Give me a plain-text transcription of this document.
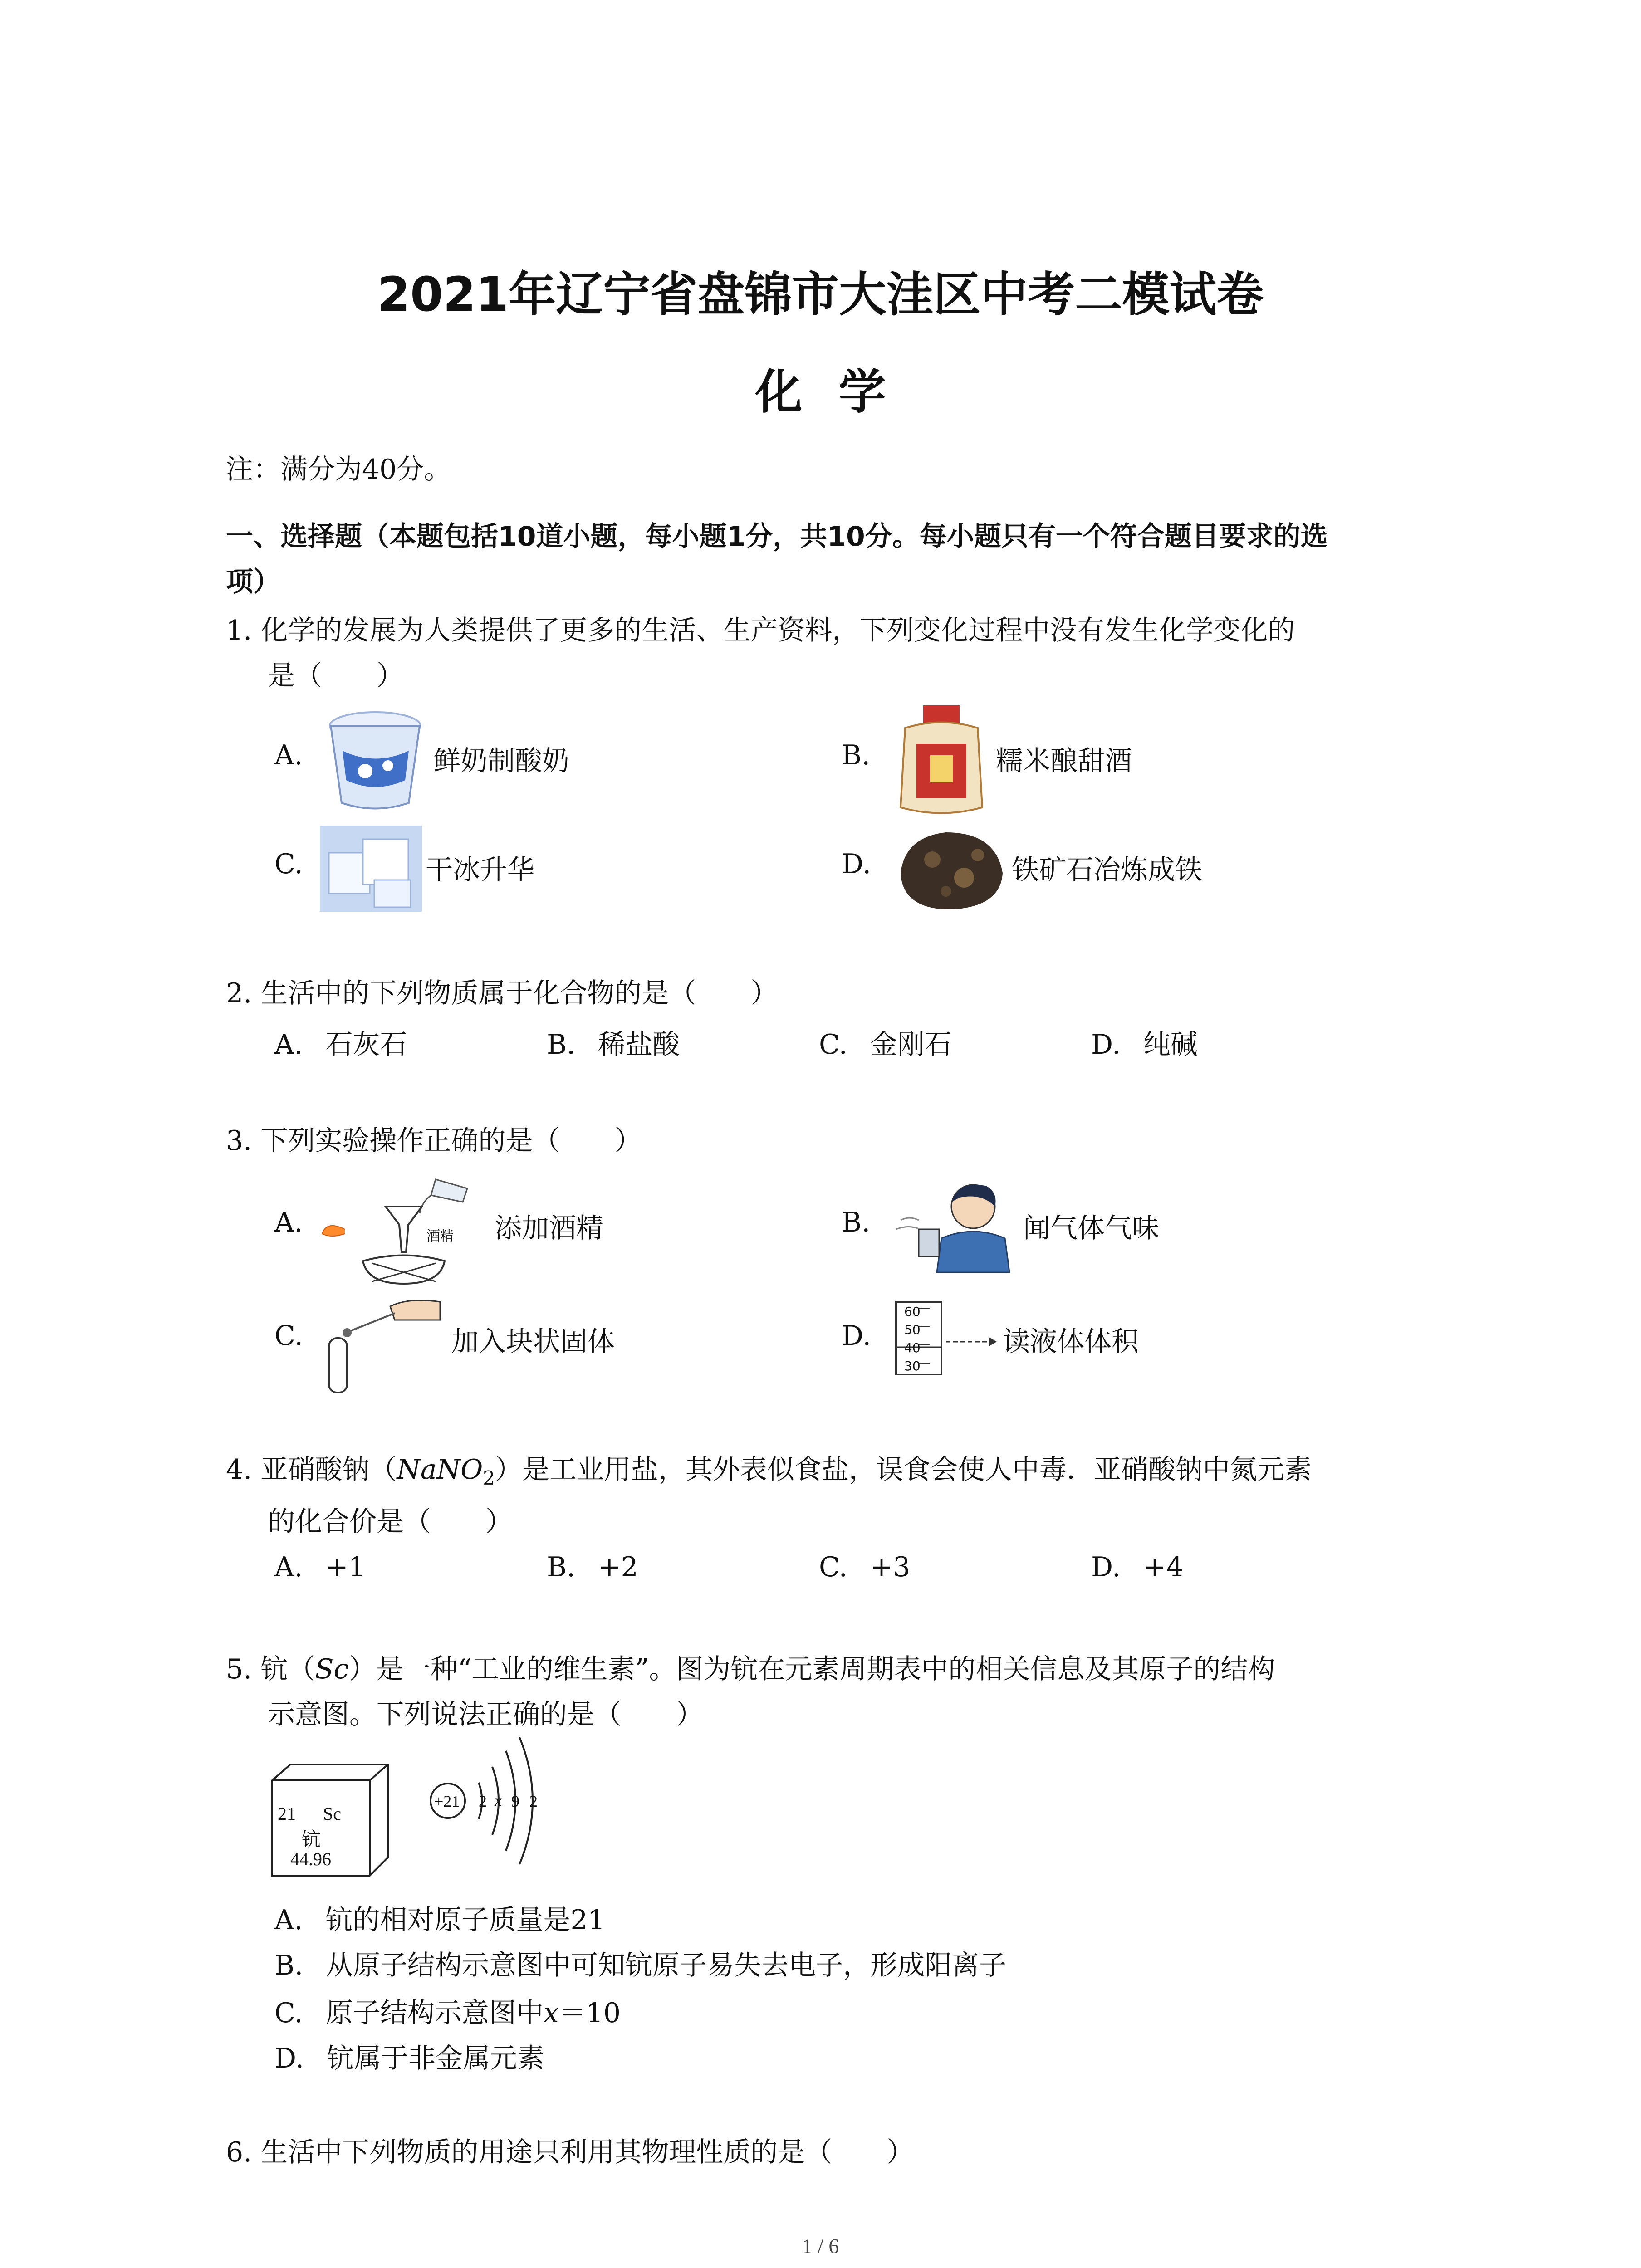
2021年辽宁省盘锦市大洼区中考二模试卷
化学
注：满分为40分。
一、选择题（本题包括10道小题，每小题1分，共10分。每小题只有一个符合题目要求的选
项）
1. 化学的发展为人类提供了更多的生活、生产资料，下列变化过程中没有发生化学变化的
是（　　）
A.	鲜奶制酸奶	B.	糯米酿甜酒
C.	干冰升华	D.	铁矿石冶炼成铁
2. 生活中的下列物质属于化合物的是（　　）
A. 石灰石	B. 稀盐酸	C. 金刚石	D. 纯碱
3. 下列实验操作正确的是（　　）
A.	酒精 添加酒精	B.	闻气体气味
C.	加入块状固体	D.
60
50
40
30
读液体体积
4. 亚硝酸钠（NaNO$_2$）是工业用盐，其外表似食盐，误食会使人中毒．亚硝酸钠中氮元素
的化合价是（　　）
A. +1	B. +2	C. +3	D. +4
5. 钪（Sc）是一种“工业的维生素”。图为钪在元素周期表中的相关信息及其原子的结构
示意图。下列说法正确的是（　　）
21 Sc
钪
44.96
+21 2 x 9 2
A. 钪的相对原子质量是21
B. 从原子结构示意图中可知钪原子易失去电子，形成阳离子
C. 原子结构示意图中x＝10
D. 钪属于非金属元素
6. 生活中下列物质的用途只利用其物理性质的是（　　）
1 / 6
